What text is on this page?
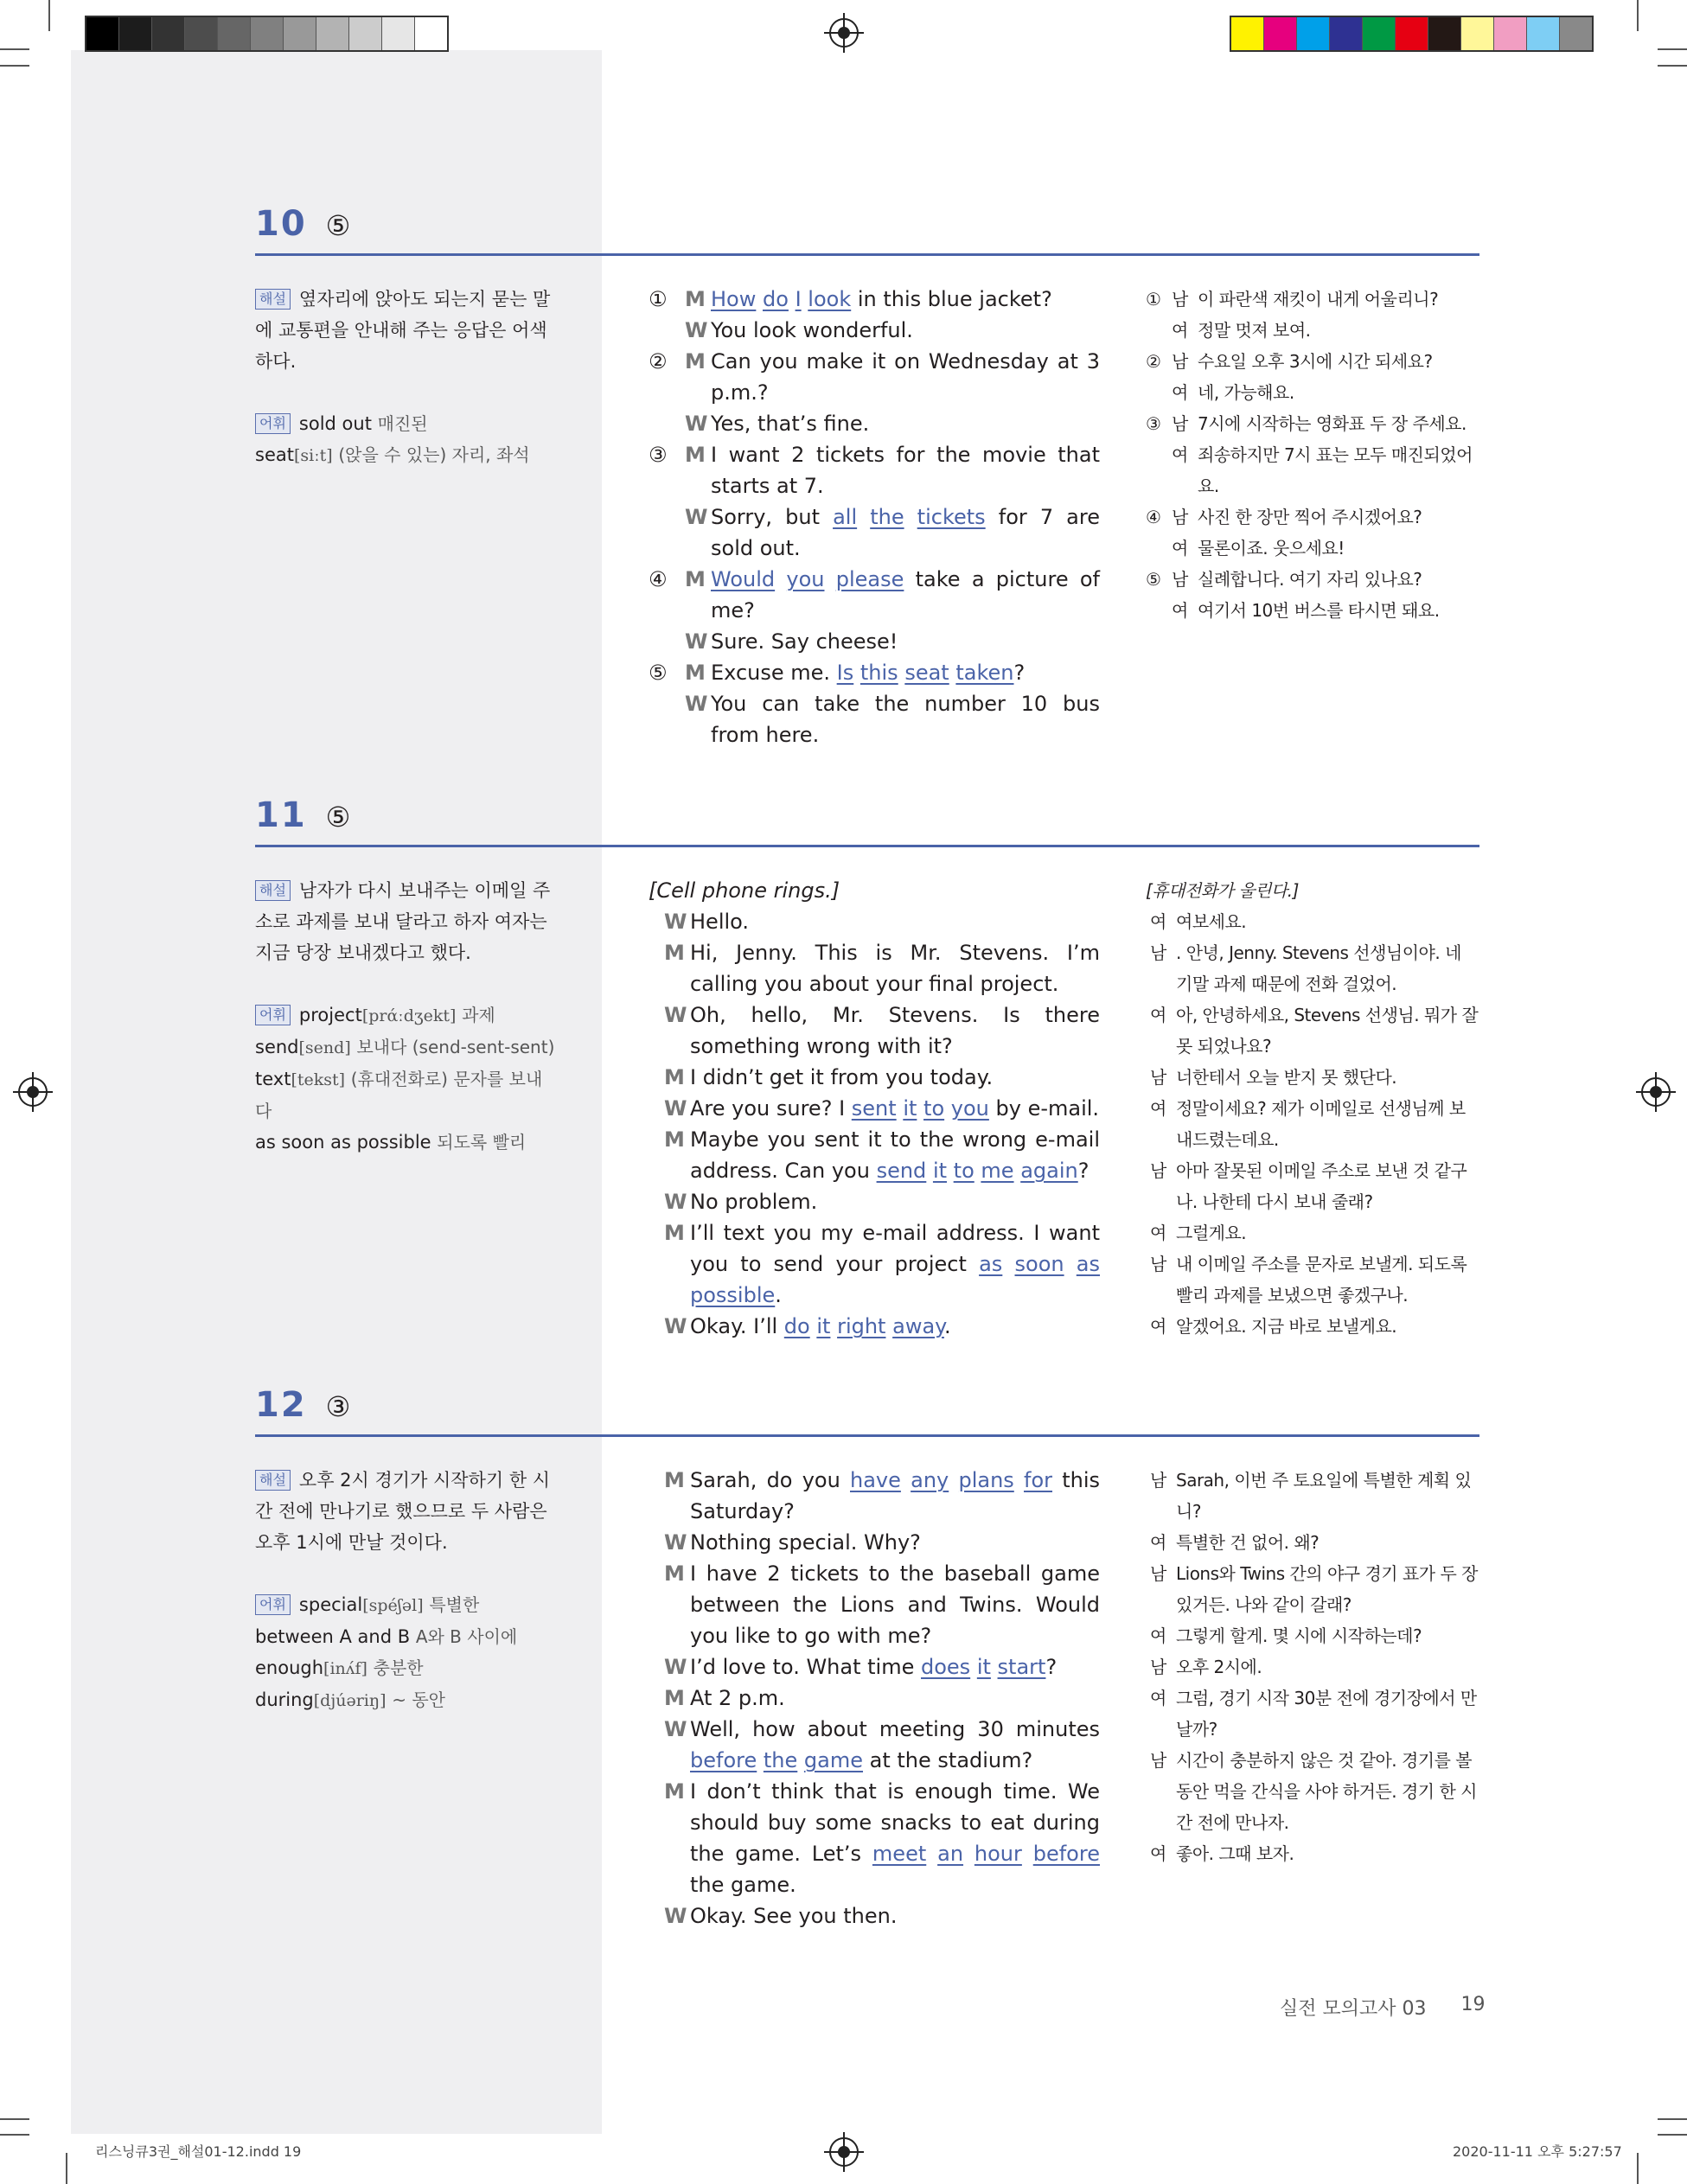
10 ⑤
해설 옆자리에 앉아도 되는지 묻는 말에 교통편을 안내해 주는 응답은 어색하다.
어휘 sold out 매진된
seat[siːt] (앉을 수 있는) 자리, 좌석
① M How do I look in this blue jacket?
W You look wonderful.
② M Can you make it on Wednesday at 3 p.m.?
W Yes, that’s fine.
③ M I want 2 tickets for the movie that starts at 7.
W Sorry, but all the tickets for 7 are sold out.
④ M Would you please take a picture of me?
W Sure. Say cheese!
⑤ M Excuse me. Is this seat taken?
W You can take the number 10 bus from here.
① 남 이 파란색 재킷이 내게 어울리니?
여 정말 멋져 보여.
② 남 수요일 오후 3시에 시간 되세요?
여 네, 가능해요.
③ 남 7시에 시작하는 영화표 두 장 주세요.
여 죄송하지만 7시 표는 모두 매진되었어요.
④ 남 사진 한 장만 찍어 주시겠어요?
여 물론이죠. 웃으세요!
⑤ 남 실례합니다. 여기 자리 있나요?
여 여기서 10번 버스를 타시면 돼요.
11 ⑤
해설 남자가 다시 보내주는 이메일 주소로 과제를 보내 달라고 하자 여자는 지금 당장 보내겠다고 했다.
어휘 project[prάːdʒekt] 과제
send[send] 보내다 (send-sent-sent)
text[tekst] (휴대전화로) 문자를 보내다
as soon as possible 되도록 빨리
[Cell phone rings.]
W Hello.
M Hi, Jenny. This is Mr. Stevens. I’m calling you about your final project.
W Oh, hello, Mr. Stevens. Is there something wrong with it?
M I didn’t get it from you today.
W Are you sure? I sent it to you by e-mail.
M Maybe you sent it to the wrong e-mail address. Can you send it to me again?
W No problem.
M I’ll text you my e-mail address. I want you to send your project as soon as possible.
W Okay. I’ll do it right away.
[휴대전화가 울린다.]
여 여보세요.
남 . 안녕, Jenny. Stevens 선생님이야. 네 기말 과제 때문에 전화 걸었어.
여 아, 안녕하세요, Stevens 선생님. 뭐가 잘못 되었나요?
남 너한테서 오늘 받지 못 했단다.
여 정말이세요? 제가 이메일로 선생님께 보내드렸는데요.
남 아마 잘못된 이메일 주소로 보낸 것 같구나. 나한테 다시 보내 줄래?
여 그럴게요.
남 내 이메일 주소를 문자로 보낼게. 되도록 빨리 과제를 보냈으면 좋겠구나.
여 알겠어요. 지금 바로 보낼게요.
12 ③
해설 오후 2시 경기가 시작하기 한 시간 전에 만나기로 했으므로 두 사람은 오후 1시에 만날 것이다.
어휘 special[spéʃəl] 특별한
between A and B A와 B 사이에
enough[inʌ́f] 충분한
during[djúəriŋ] ~ 동안
M Sarah, do you have any plans for this Saturday?
W Nothing special. Why?
M I have 2 tickets to the baseball game between the Lions and Twins. Would you like to go with me?
W I’d love to. What time does it start?
M At 2 p.m.
W Well, how about meeting 30 minutes before the game at the stadium?
M I don’t think that is enough time. We should buy some snacks to eat during the game. Let’s meet an hour before the game.
W Okay. See you then.
남 Sarah, 이번 주 토요일에 특별한 계획 있니?
여 특별한 건 없어. 왜?
남 Lions와 Twins 간의 야구 경기 표가 두 장 있거든. 나와 같이 갈래?
여 그렇게 할게. 몇 시에 시작하는데?
남 오후 2시에.
여 그럼, 경기 시작 30분 전에 경기장에서 만날까?
남 시간이 충분하지 않은 것 같아. 경기를 볼 동안 먹을 간식을 사야 하거든. 경기 한 시간 전에 만나자.
여 좋아. 그때 보자.
실전 모의고사 03 19
리스닝큐3권_해설01-12.indd 19	2020-11-11 오후 5:27:57
